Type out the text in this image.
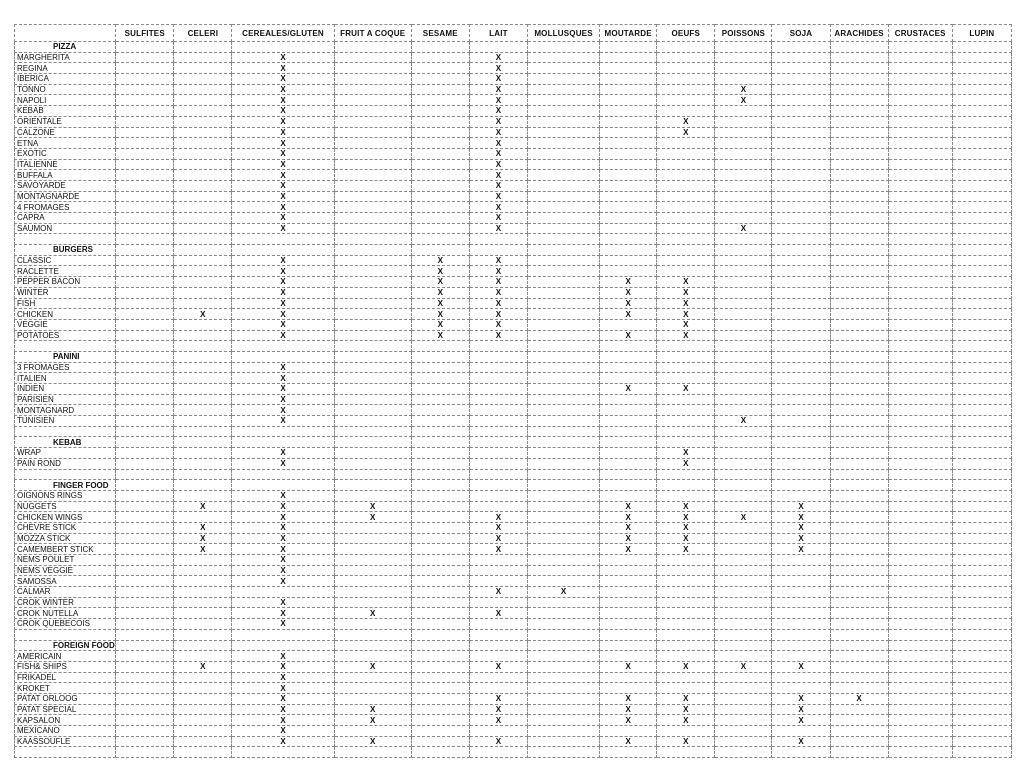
	SULFITES	CELERI	CEREALES/GLUTEN	FRUIT A COQUE	SESAME	LAIT	MOLLUSQUES	MOUTARDE	OEUFS	POISSONS	SOJA	ARACHIDES	CRUSTACES	LUPIN
PIZZA														
MARGHERITA			X			X								
REGINA			X			X								
IBERICA			X			X								
TONNO			X			X				X				
NAPOLI			X			X				X				
KEBAB			X			X								
ORIENTALE			X			X			X					
CALZONE			X			X			X					
ETNA			X			X								
EXOTIC			X			X								
ITALIENNE			X			X								
BUFFALA			X			X								
SAVOYARDE			X			X								
MONTAGNARDE			X			X								
4 FROMAGES			X			X								
CAPRA			X			X								
SAUMON			X			X				X				

BURGERS														
CLASSIC			X		X	X								
RACLETTE			X		X	X								
PEPPER BACON			X		X	X		X	X					
WINTER			X		X	X		X	X					
FISH			X		X	X		X	X					
CHICKEN		X	X		X	X		X	X					
VEGGIE			X		X	X			X					
POTATOES			X		X	X		X	X					

PANINI														
3 FROMAGES			X											
ITALIEN			X											
INDIEN			X					X	X					
PARISIEN			X											
MONTAGNARD			X											
TUNISIEN			X							X				

KEBAB														
WRAP			X						X					
PAIN ROND			X						X					

FINGER FOOD														
OIGNONS RINGS			X											
NUGGETS		X	X	X				X	X		X			
CHICKEN WINGS			X	X		X		X	X	X	X			
CHEVRE STICK		X	X			X		X	X		X			
MOZZA STICK		X	X			X		X	X		X			
CAMEMBERT STICK		X	X			X		X	X		X			
NEMS POULET			X											
NEMS VEGGIE			X											
SAMOSSA			X											
CALMAR						X	X							
CROK WINTER			X											
CROK NUTELLA			X	X		X								
CROK QUEBECOIS			X											

FOREIGN FOOD														
AMERICAIN			X											
FISH& SHIPS		X	X	X		X		X	X	X	X			
FRIKADEL			X											
KROKET			X											
PATAT ORLOOG			X			X		X	X		X	X		
PATAT SPECIAL			X	X		X		X	X		X			
KAPSALON			X	X		X		X	X		X			
MEXICANO			X											
KAASSOUFLE			X	X		X		X	X		X			
